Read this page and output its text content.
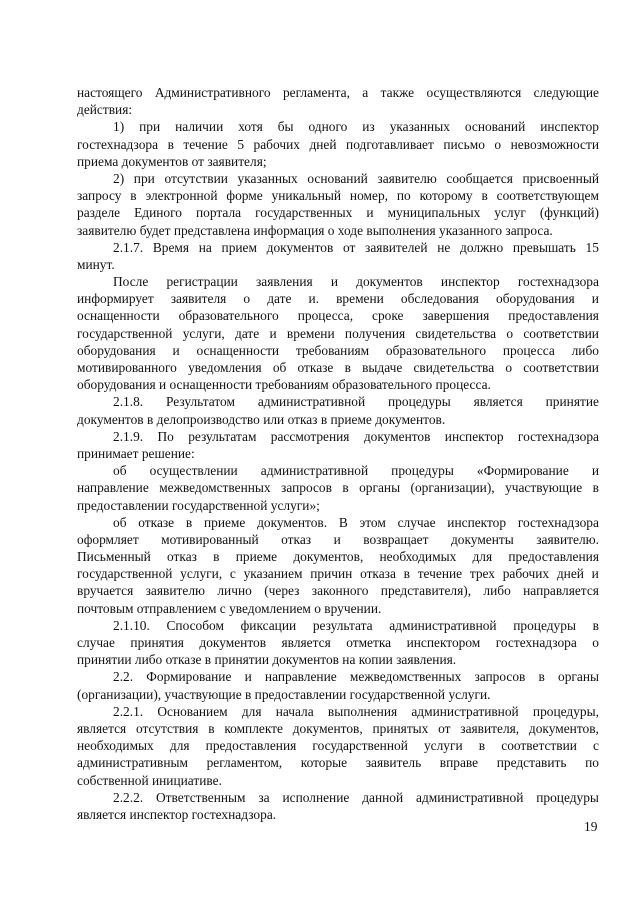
настоящего Административного регламента, а также осуществляются следующие
действия:
1) при наличии хотя бы одного из указанных оснований инспектор
гостехнадзора в течение 5 рабочих дней подготавливает письмо о невозможности
приема документов от заявителя;
2) при отсутствии указанных оснований заявителю сообщается присвоенный
запросу в электронной форме уникальный номер, по которому в соответствующем
разделе Единого портала государственных и муниципальных услуг (функций)
заявителю будет представлена информация о ходе выполнения указанного запроса.
2.1.7. Время на прием документов от заявителей не должно превышать 15
минут.
После регистрации заявления и документов инспектор гостехнадзора
информирует заявителя о дате и. времени обследования оборудования и
оснащенности образовательного процесса, сроке завершения предоставления
государственной услуги, дате и времени получения свидетельства о соответствии
оборудования и оснащенности требованиям образовательного процесса либо
мотивированного уведомления об отказе в выдаче свидетельства о соответствии
оборудования и оснащенности требованиям образовательного процесса.
2.1.8. Результатом административной процедуры является принятие
документов в делопроизводство или отказ в приеме документов.
2.1.9. По результатам рассмотрения документов инспектор гостехнадзора
принимает решение:
об осуществлении административной процедуры «Формирование и
направление межведомственных запросов в органы (организации), участвующие в
предоставлении государственной услуги»;
об отказе в приеме документов. В этом случае инспектор гостехнадзора
оформляет мотивированный отказ и возвращает документы заявителю.
Письменный отказ в приеме документов, необходимых для предоставления
государственной услуги, с указанием причин отказа в течение трех рабочих дней и
вручается заявителю лично (через законного представителя), либо направляется
почтовым отправлением с уведомлением о вручении.
2.1.10. Способом фиксации результата административной процедуры в
случае принятия документов является отметка инспектором гостехнадзора о
принятии либо отказе в принятии документов на копии заявления.
2.2. Формирование и направление межведомственных запросов в органы
(организации), участвующие в предоставлении государственной услуги.
2.2.1. Основанием для начала выполнения административной процедуры,
является отсутствия в комплекте документов, принятых от заявителя, документов,
необходимых для предоставления государственной услуги в соответствии с
административным регламентом, которые заявитель вправе представить по
собственной инициативе.
2.2.2. Ответственным за исполнение данной административной процедуры
является инспектор гостехнадзора.
19
